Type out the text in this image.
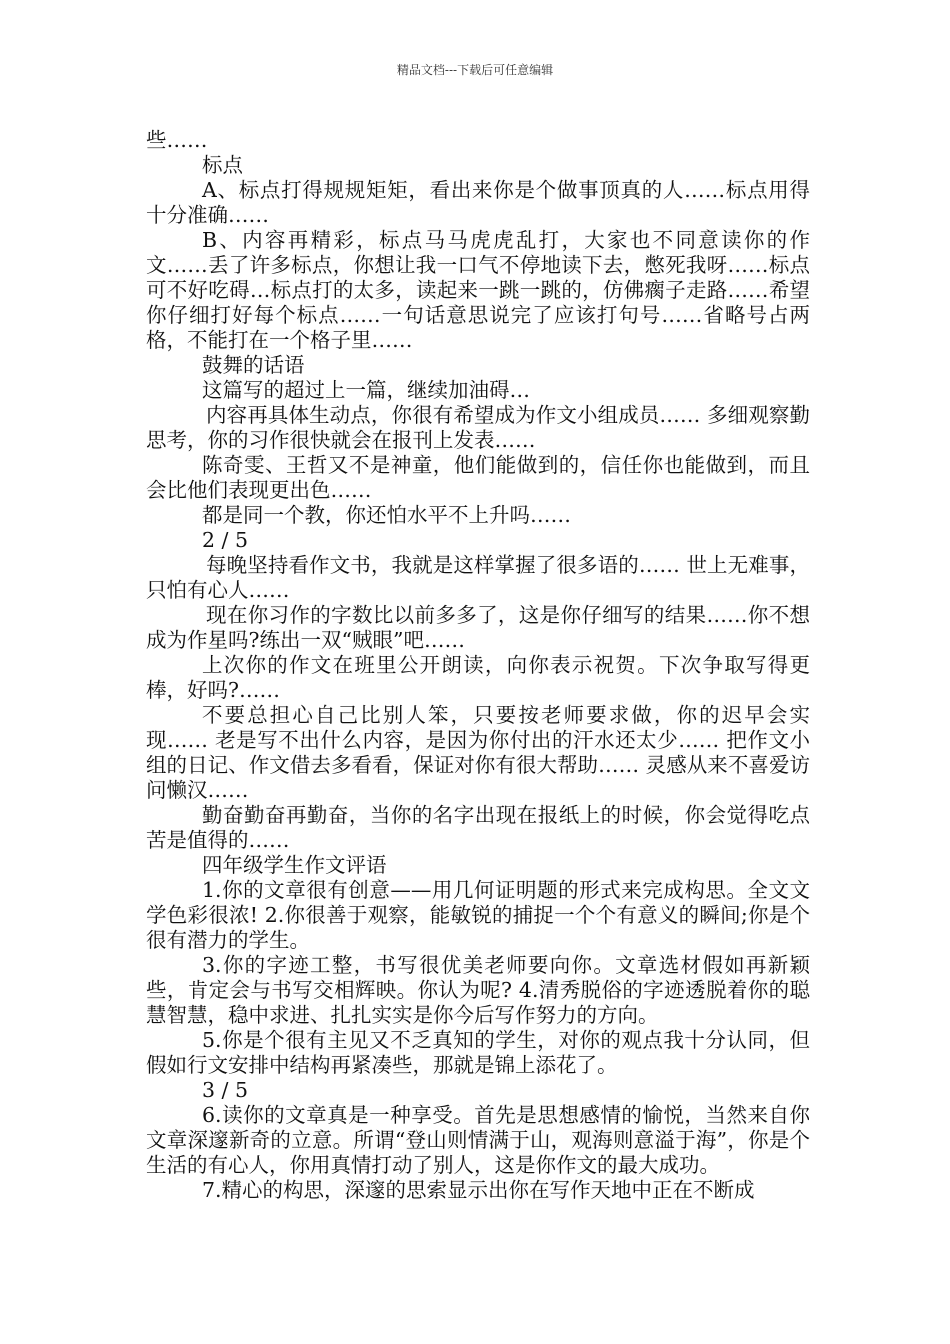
精品文档---下载后可任意编辑

些……

标点

A、标点打得规规矩矩，看出来你是个做事顶真的人……标点用得十分准确……

B、内容再精彩，标点马马虎虎乱打，大家也不同意读你的作文……丢了许多标点，你想让我一口气不停地读下去，憋死我呀……标点可不好吃碍…标点打的太多，读起来一跳一跳的，仿佛瘸子走路……希望你仔细打好每个标点……一句话意思说完了应该打句号……省略号占两格，不能打在一个格子里……

鼓舞的话语

这篇写的超过上一篇，继续加油碍…

内容再具体生动点，你很有希望成为作文小组成员…… 多细观察勤思考，你的习作很快就会在报刊上发表……

陈奇雯、王哲又不是神童，他们能做到的，信任你也能做到，而且会比他们表现更出色……

都是同一个教，你还怕水平不上升吗……

2 / 5

每晚坚持看作文书，我就是这样掌握了很多语的…… 世上无难事，只怕有心人……

现在你习作的字数比以前多多了，这是你仔细写的结果……你不想成为作星吗?练出一双“贼眼”吧……

上次你的作文在班里公开朗读，向你表示祝贺。下次争取写得更棒，好吗?……

不要总担心自己比别人笨，只要按老师要求做，你的迟早会实现…… 老是写不出什么内容，是因为你付出的汗水还太少…… 把作文小组的日记、作文借去多看看，保证对你有很大帮助…… 灵感从来不喜爱访问懒汉……

勤奋勤奋再勤奋，当你的名字出现在报纸上的时候，你会觉得吃点苦是值得的……

四年级学生作文评语

1.你的文章很有创意——用几何证明题的形式来完成构思。全文文学色彩很浓! 2.你很善于观察，能敏锐的捕捉一个个有意义的瞬间;你是个很有潜力的学生。

3.你的字迹工整，书写很优美老师要向你。文章选材假如再新颖些，肯定会与书写交相辉映。你认为呢? 4.清秀脱俗的字迹透脱着你的聪慧智慧，稳中求进、扎扎实实是你今后写作努力的方向。

5.你是个很有主见又不乏真知的学生，对你的观点我十分认同，但假如行文安排中结构再紧凑些，那就是锦上添花了。

3 / 5

6.读你的文章真是一种享受。首先是思想感情的愉悦，当然来自你文章深邃新奇的立意。所谓“登山则情满于山，观海则意溢于海”，你是个生活的有心人，你用真情打动了别人，这是你作文的最大成功。

7.精心的构思，深邃的思索显示出你在写作天地中正在不断成
